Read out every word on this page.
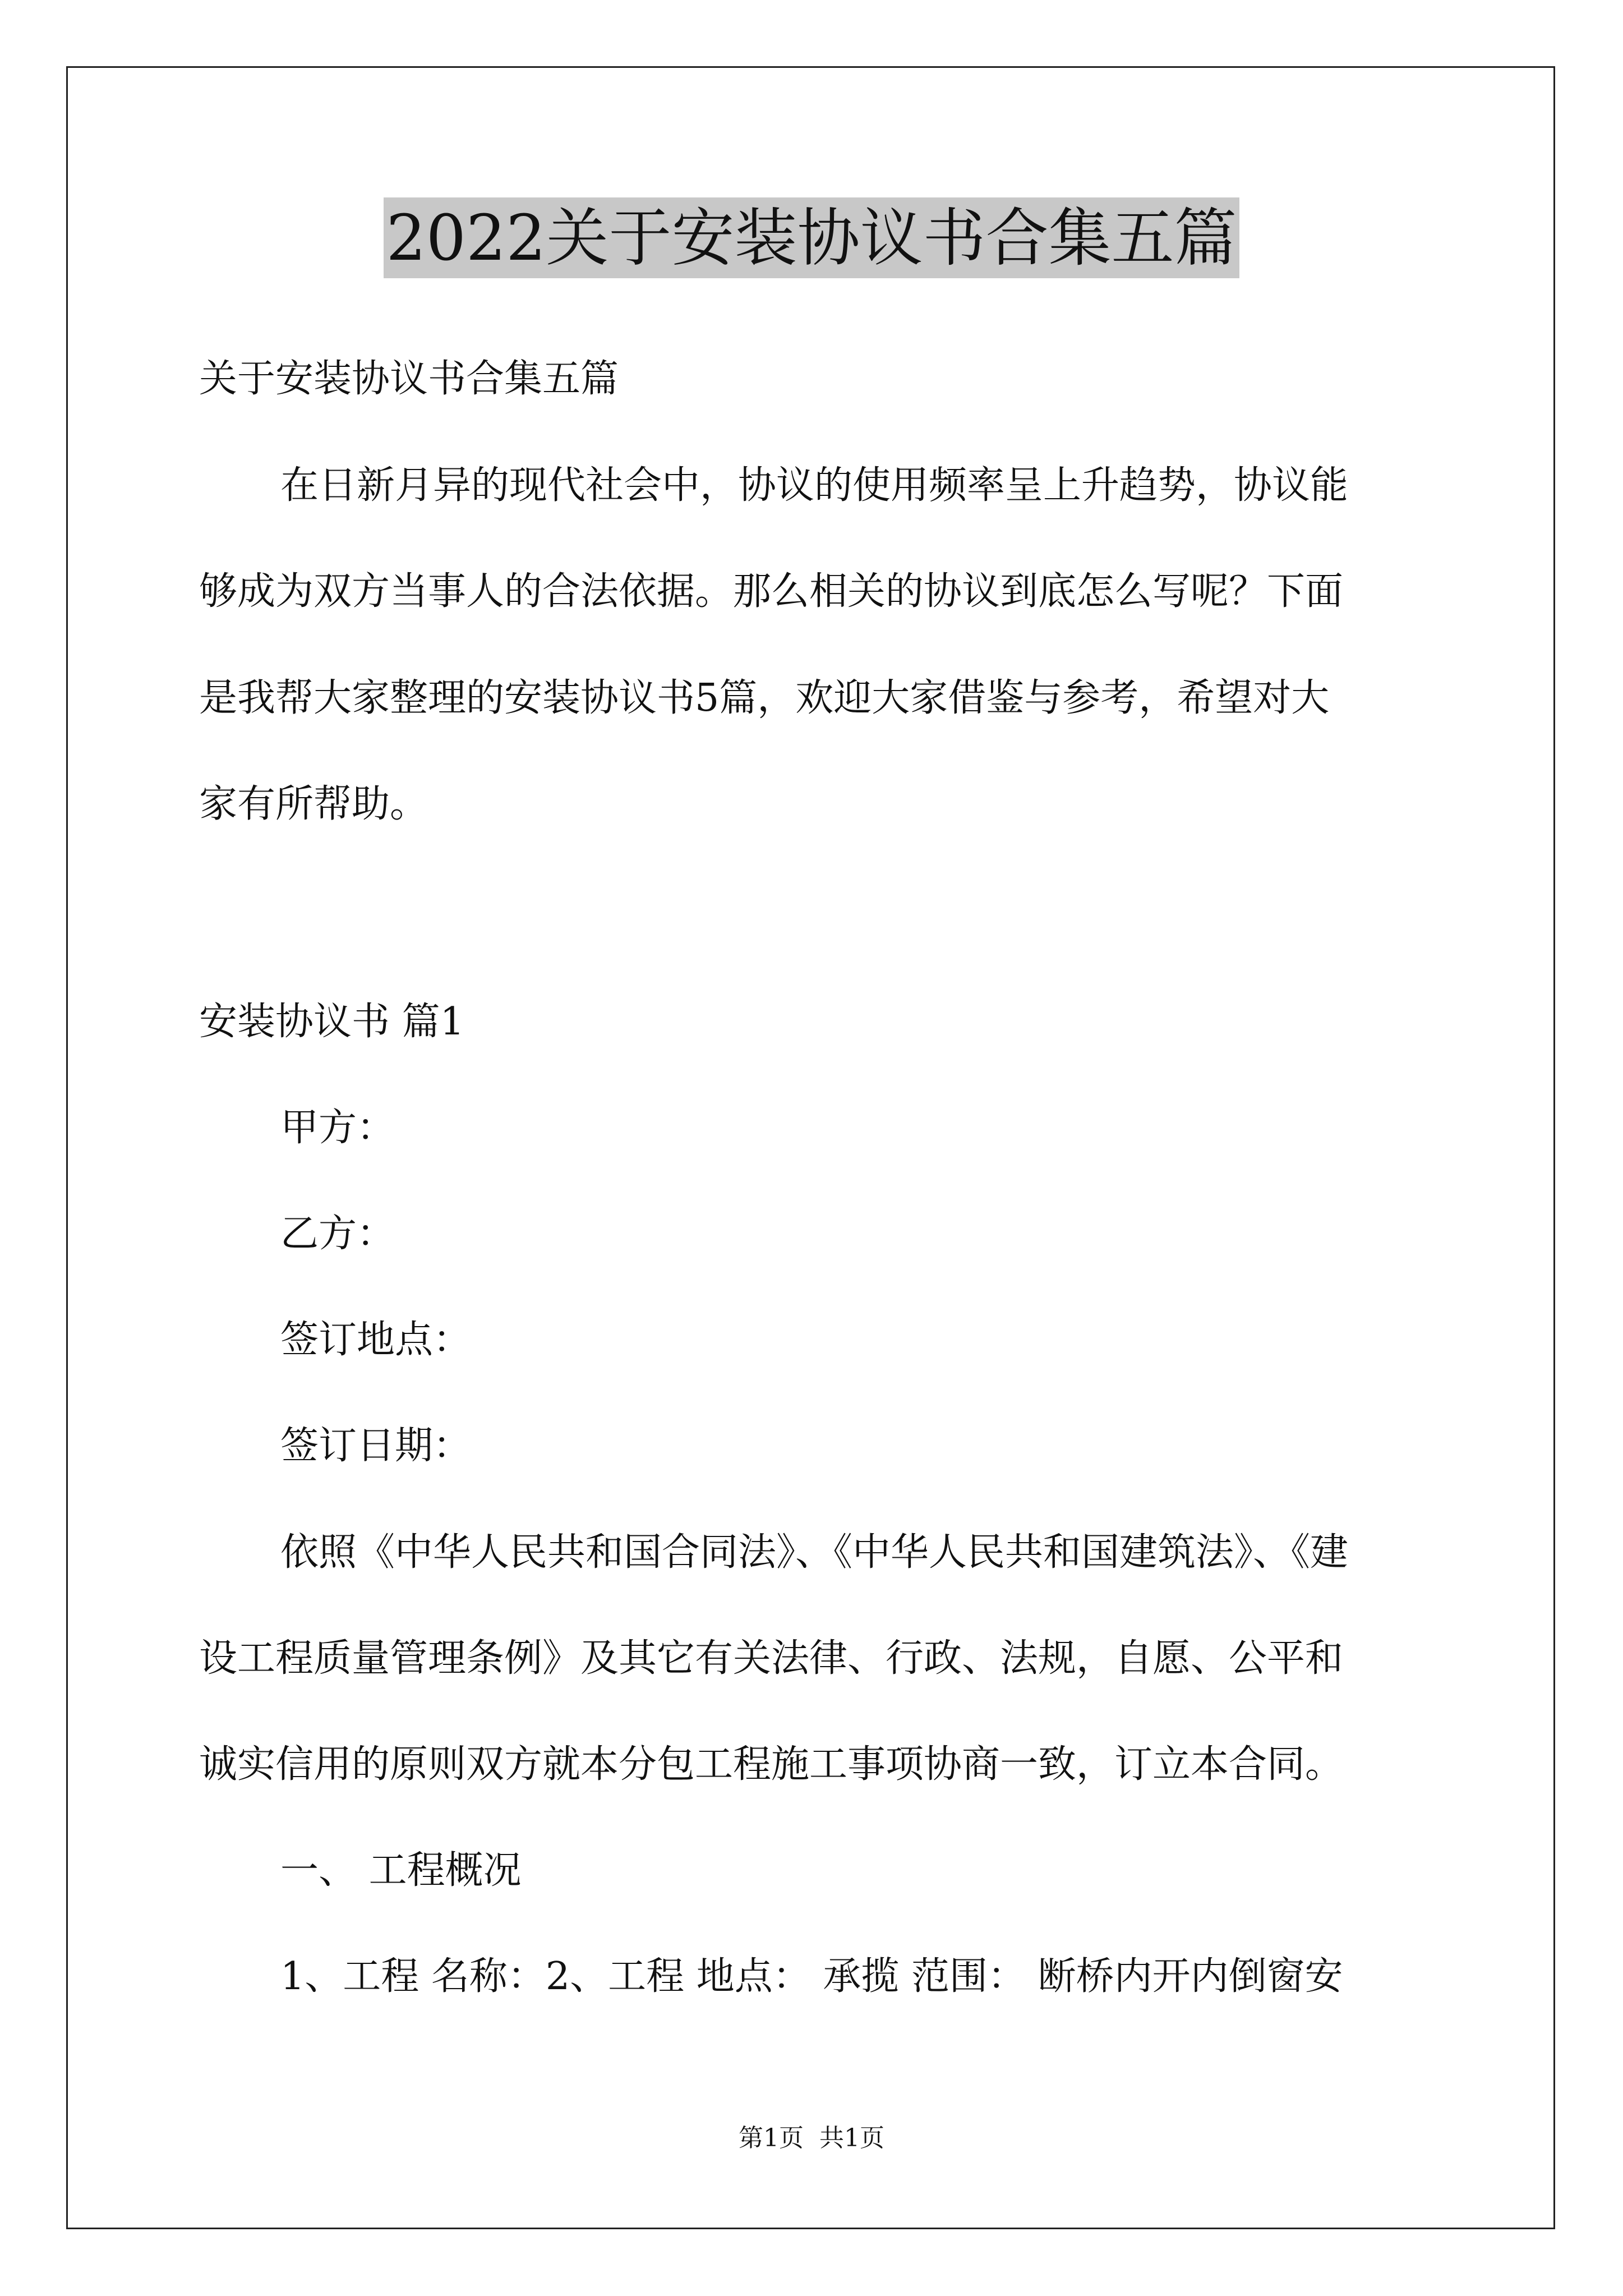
2022关于安装协议书合集五篇
关于安装协议书合集五篇
在日新月异的现代社会中，协议的使用频率呈上升趋势，协议能
够成为双方当事人的合法依据。那么相关的协议到底怎么写呢？下面
是我帮大家整理的安装协议书5篇，欢迎大家借鉴与参考，希望对大
家有所帮助。
安装协议书 篇1
甲方：
乙方：
签订地点：
签订日期：
依照《中华人民共和国合同法》、《中华人民共和国建筑法》、《建
设工程质量管理条例》及其它有关法律、行政、法规，自愿、公平和
诚实信用的原则双方就本分包工程施工事项协商一致，订立本合同。
一、 工程概况
1、工程 名称：2、工程 地点： 承揽 范围： 断桥内开内倒窗安
第1页 共1页
